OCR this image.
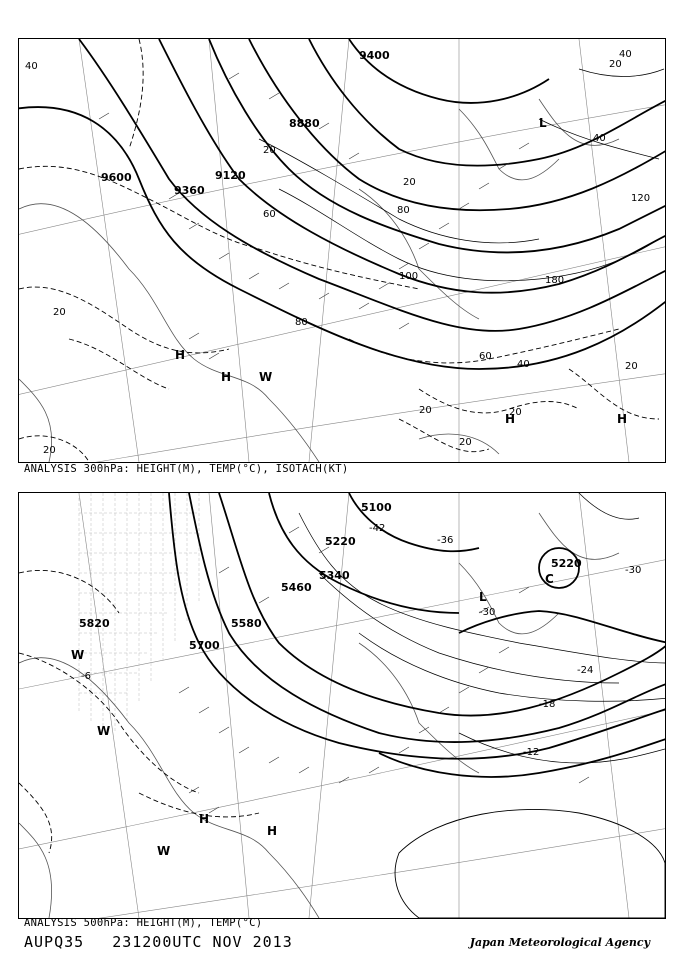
9600
9360
9120
8880
9400
40
20
20
20
20
80
20
20
20
40	20
60
40
20
40
120
180
60
100
80
H
H
H	H
L
W
ANALYSIS 300hPa: HEIGHT(M), TEMP(°C), ISOTACH(KT)
5820
5700
5580
5460
5340
5220
5100
5220
-42
-36
-30
-30
-24
-18
-12
-6
H
H
L
C
W
W
W
ANALYSIS 500hPa: HEIGHT(M), TEMP(°C)
AUPQ35 231200UTC NOV 2013	Japan Meteorological Agency
